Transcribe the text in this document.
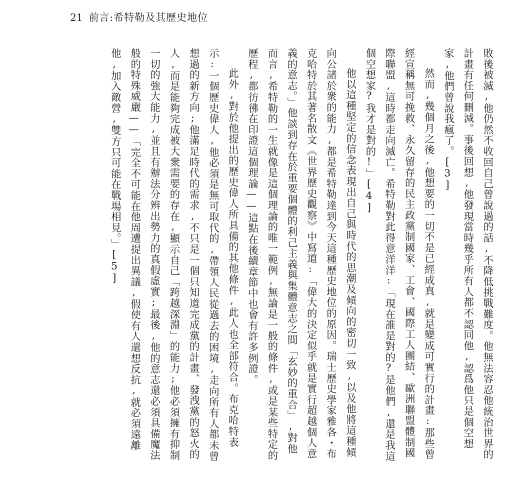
21 前言:希特勒及其歷史地位

敗後被滅,他仍然不收回自己曾說過的話,不降低挑戰難度。他無法容忍他統治世界的計畫有任何刪減。事後回想,他發現當時幾乎所有人都不認同他,認爲他只是個空想家,他們曾說我瘋了。[3]

然而,幾個月之後,他想要的一切不是已經成真,就是變成可實行的計畫:那些曾經宣稱無可挽救、永久留存的民主政黨制國家、工會、國際工人團結、歐洲聯盟體制國際聯盟,這時都走向滅亡。希特勒對此得意洋洋:「現在誰是對的?是他們,還是我這個空想家?我才是對的!」[4]

他以這種堅定的信念表現出自己與時代的思潮及傾向的密切一致,以及他將這種傾向公諸於衆的能力,都是希特勒達到今天這種歷史地位的原因。瑞士歷史學家雅各・布克哈特於其著名散文《世界歷史觀察》中寫道:「偉大的決定似乎就是實行超越個人意義的意志。」他談到存在於重要個體的利己主義與集體意志之間「玄妙的重合」,對他而言,希特勒的一生就像是這個理論的唯一範例,無論是一般的條件,或是某些特定的歷程,都彷彿在印證這個理論——這點在後續章節中也會有許多例證。

此外,對於他提出的歷史偉人所具備的其他條件,此人也全部符合。布克哈特表示:一個歷史偉人,他必須是無可取代的,帶領人民從過去的困境,走向所有人都未曾想過的新方向;他滿足時代的需求,不只是一個只知道完成黨的計畫、發洩黨的怒火的人,而是能夠完成被大衆需要的存在,顯示自己「跨越深淵」的能力;他必須擁有抑制一切的強大能力,並且有辦法分辨出勢力的真假虛實;最後,他的意志還必須具備魔法般的特殊威嚴——「完全不可能在他周遭提出異議,假使有人還想反抗,就必須遠離他,加入敵營,雙方只可能在戰場相見。」[5]
